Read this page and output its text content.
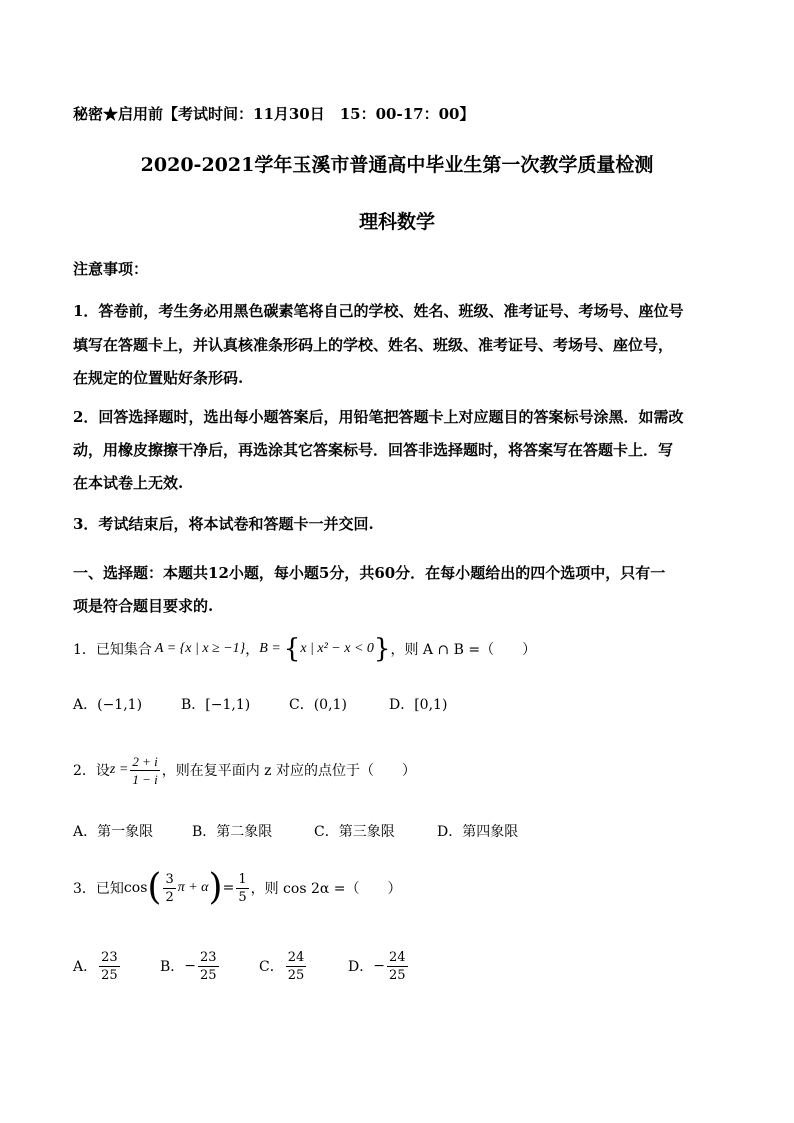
秘密★启用前【考试时间：11月30日　15：00-17：00】
2020-2021学年玉溪市普通高中毕业生第一次教学质量检测
理科数学
注意事项：
1．答卷前，考生务必用黑色碳素笔将自己的学校、姓名、班级、准考证号、考场号、座位号
填写在答题卡上，并认真核准条形码上的学校、姓名、班级、准考证号、考场号、座位号，
在规定的位置贴好条形码.
2．回答选择题时，选出每小题答案后，用铅笔把答题卡上对应题目的答案标号涂黑．如需改
动，用橡皮擦擦干净后，再选涂其它答案标号．回答非选择题时，将答案写在答题卡上．写
在本试卷上无效.
3．考试结束后，将本试卷和答题卡一并交回.
一、选择题：本题共12小题，每小题5分，共60分．在每小题给出的四个选项中，只有一
项是符合题目要求的.
1．已知集合 A = {x | x ≥ −1} ， B = { x | x² − x < 0 } ，则 A ∩ B =（　　）
A．(−1,1)	B．[−1,1)	C．(0,1)	D．[0,1)
2．设 $z = \frac{2 + i}{1 - i}$ ，则在复平面内 z 对应的点位于（　　）
A．第一象限	B．第二象限	C．第三象限	D．第四象限
3．已知 cos ( $\frac{3}{2}$ π + α ) = $\frac{1}{5}$ ，则 cos 2α =（　　）
A． $\frac{23}{25}$	B． − $\frac{23}{25}$	C． $\frac{24}{25}$	D． − $\frac{24}{25}$
